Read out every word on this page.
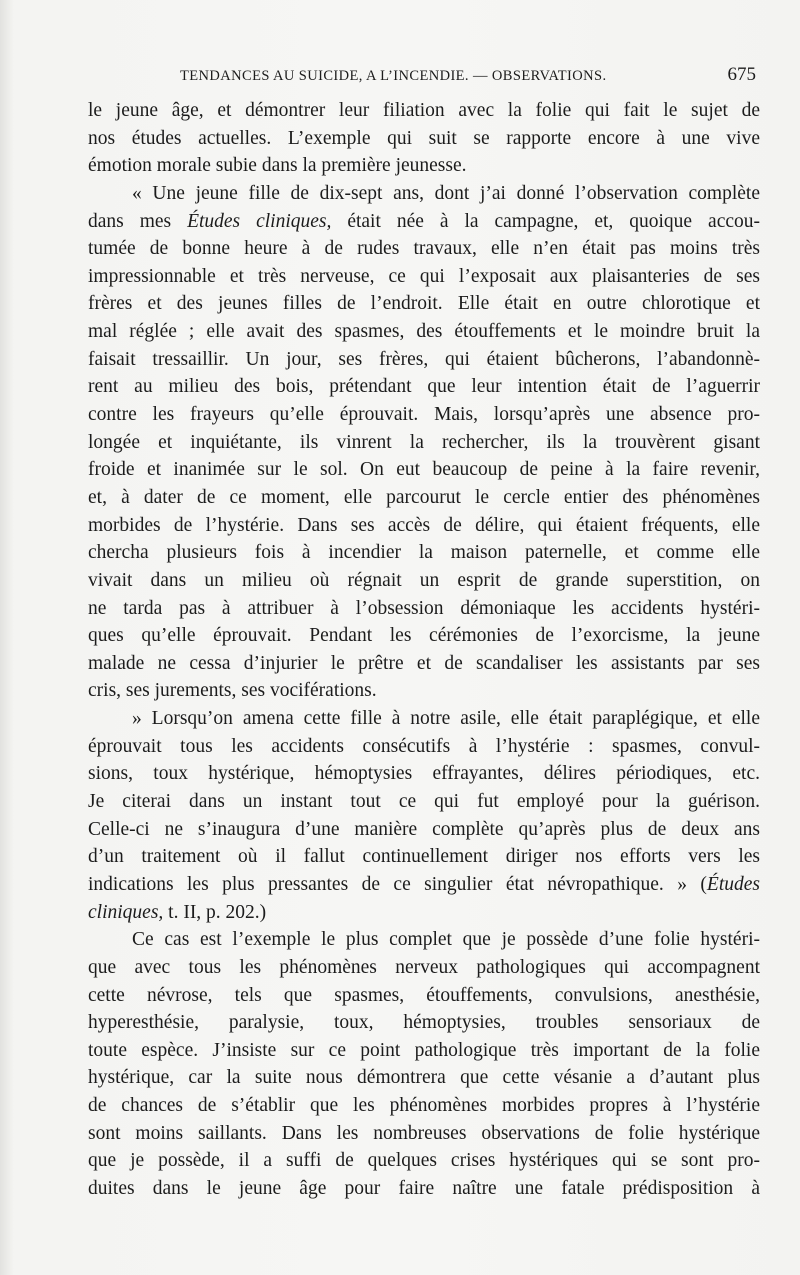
TENDANCES AU SUICIDE, A L’INCENDIE. — OBSERVATIONS.	675
le jeune âge, et démontrer leur filiation avec la folie qui fait le sujet de
nos études actuelles. L’exemple qui suit se rapporte encore à une vive
émotion morale subie dans la première jeunesse.
« Une jeune fille de dix-sept ans, dont j’ai donné l’observation complète
dans mes Études cliniques, était née à la campagne, et, quoique accou-
tumée de bonne heure à de rudes travaux, elle n’en était pas moins très
impressionnable et très nerveuse, ce qui l’exposait aux plaisanteries de ses
frères et des jeunes filles de l’endroit. Elle était en outre chlorotique et
mal réglée ; elle avait des spasmes, des étouffements et le moindre bruit la
faisait tressaillir. Un jour, ses frères, qui étaient bûcherons, l’abandonnè-
rent au milieu des bois, prétendant que leur intention était de l’aguerrir
contre les frayeurs qu’elle éprouvait. Mais, lorsqu’après une absence pro-
longée et inquiétante, ils vinrent la rechercher, ils la trouvèrent gisant
froide et inanimée sur le sol. On eut beaucoup de peine à la faire revenir,
et, à dater de ce moment, elle parcourut le cercle entier des phénomènes
morbides de l’hystérie. Dans ses accès de délire, qui étaient fréquents, elle
chercha plusieurs fois à incendier la maison paternelle, et comme elle
vivait dans un milieu où régnait un esprit de grande superstition, on
ne tarda pas à attribuer à l’obsession démoniaque les accidents hystéri-
ques qu’elle éprouvait. Pendant les cérémonies de l’exorcisme, la jeune
malade ne cessa d’injurier le prêtre et de scandaliser les assistants par ses
cris, ses jurements, ses vociférations.
» Lorsqu’on amena cette fille à notre asile, elle était paraplégique, et elle
éprouvait tous les accidents consécutifs à l’hystérie : spasmes, convul-
sions, toux hystérique, hémoptysies effrayantes, délires périodiques, etc.
Je citerai dans un instant tout ce qui fut employé pour la guérison.
Celle-ci ne s’inaugura d’une manière complète qu’après plus de deux ans
d’un traitement où il fallut continuellement diriger nos efforts vers les
indications les plus pressantes de ce singulier état névropathique. » (Études
cliniques, t. II, p. 202.)
Ce cas est l’exemple le plus complet que je possède d’une folie hystéri-
que avec tous les phénomènes nerveux pathologiques qui accompagnent
cette névrose, tels que spasmes, étouffements, convulsions, anesthésie,
hyperesthésie, paralysie, toux, hémoptysies, troubles sensoriaux de
toute espèce. J’insiste sur ce point pathologique très important de la folie
hystérique, car la suite nous démontrera que cette vésanie a d’autant plus
de chances de s’établir que les phénomènes morbides propres à l’hystérie
sont moins saillants. Dans les nombreuses observations de folie hystérique
que je possède, il a suffi de quelques crises hystériques qui se sont pro-
duites dans le jeune âge pour faire naître une fatale prédisposition à
